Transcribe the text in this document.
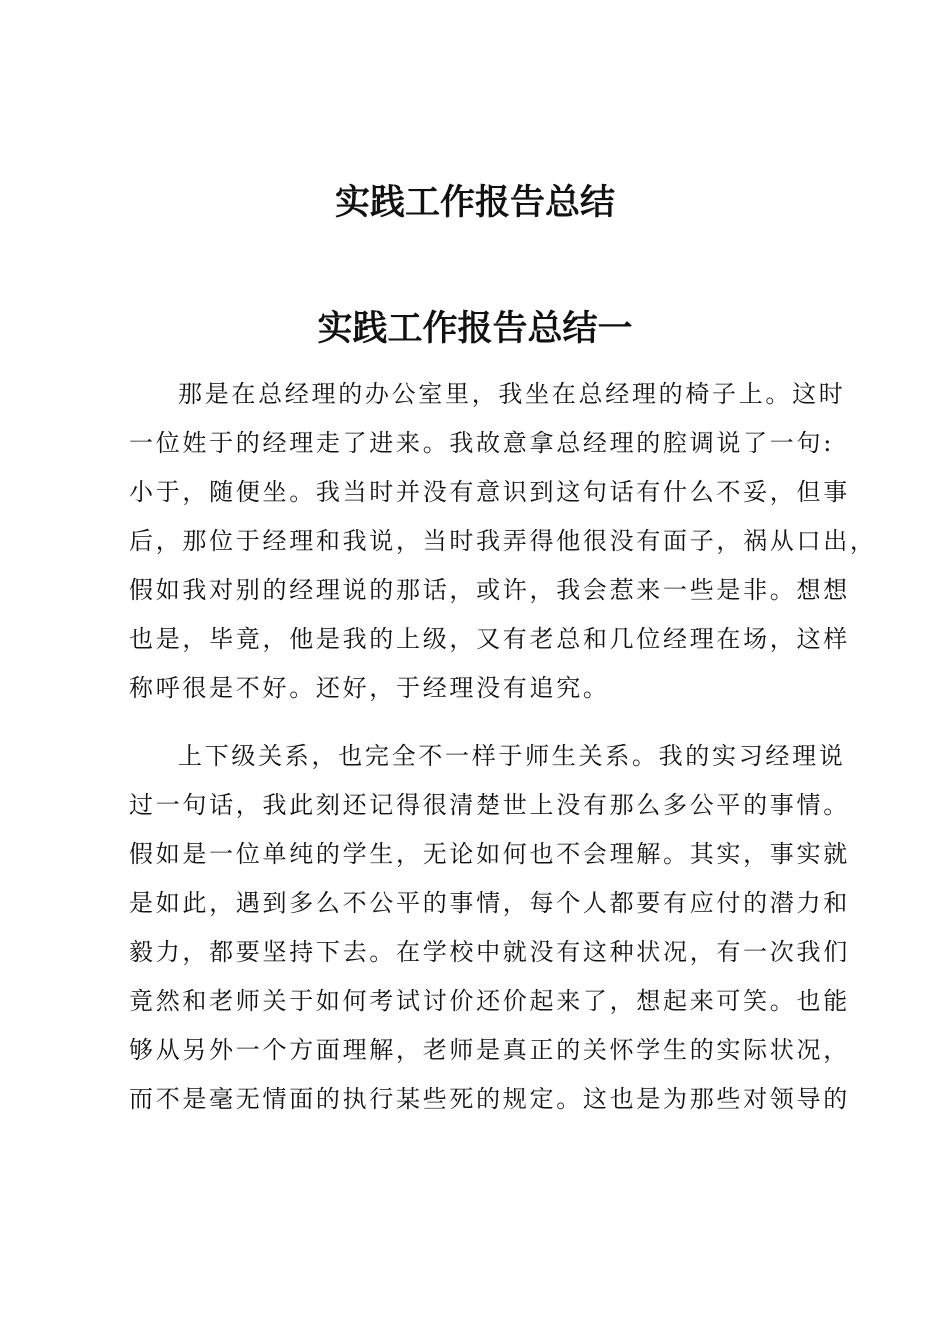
实践工作报告总结
实践工作报告总结一

那是在总经理的办公室里，我坐在总经理的椅子上。这时
一位姓于的经理走了进来。我故意拿总经理的腔调说了一句:
小于，随便坐。我当时并没有意识到这句话有什么不妥，但事
后，那位于经理和我说，当时我弄得他很没有面子，祸从口出，
假如我对别的经理说的那话，或许，我会惹来一些是非。想想
也是，毕竟，他是我的上级，又有老总和几位经理在场，这样
称呼很是不好。还好，于经理没有追究。

上下级关系，也完全不一样于师生关系。我的实习经理说
过一句话，我此刻还记得很清楚世上没有那么多公平的事情。
假如是一位单纯的学生，无论如何也不会理解。其实，事实就
是如此，遇到多么不公平的事情，每个人都要有应付的潜力和
毅力，都要坚持下去。在学校中就没有这种状况，有一次我们
竟然和老师关于如何考试讨价还价起来了，想起来可笑。也能
够从另外一个方面理解，老师是真正的关怀学生的实际状况，
而不是毫无情面的执行某些死的规定。这也是为那些对领导的
